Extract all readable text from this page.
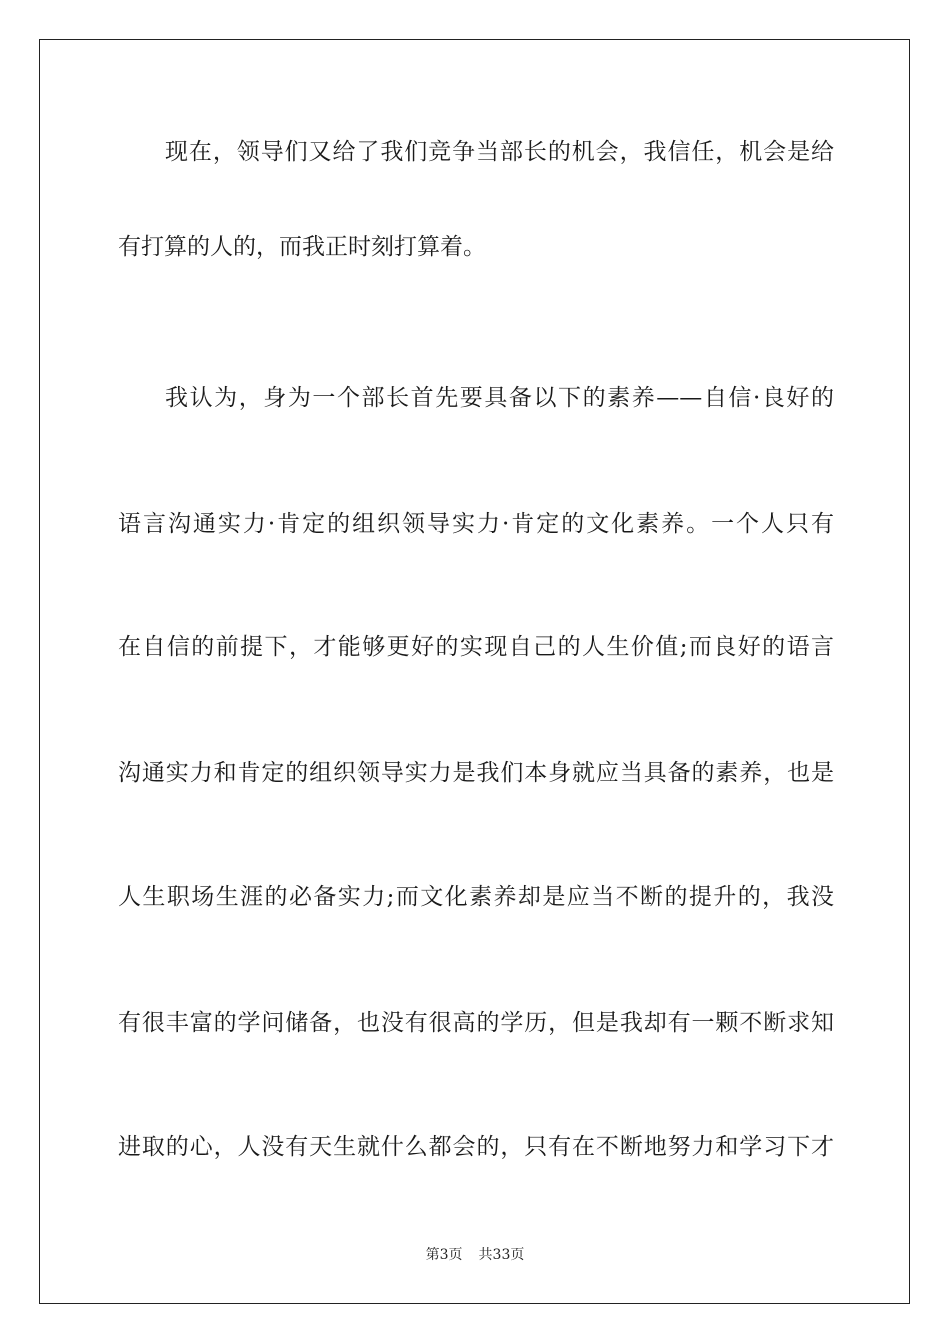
现在，领导们又给了我们竞争当部长的机会，我信任，机会是给
有打算的人的，而我正时刻打算着。
我认为，身为一个部长首先要具备以下的素养——自信·良好的
语言沟通实力·肯定的组织领导实力·肯定的文化素养。一个人只有
在自信的前提下，才能够更好的实现自己的人生价值;而良好的语言
沟通实力和肯定的组织领导实力是我们本身就应当具备的素养，也是
人生职场生涯的必备实力;而文化素养却是应当不断的提升的，我没
有很丰富的学问储备，也没有很高的学历，但是我却有一颗不断求知
进取的心，人没有天生就什么都会的，只有在不断地努力和学习下才
第3页 共33页
